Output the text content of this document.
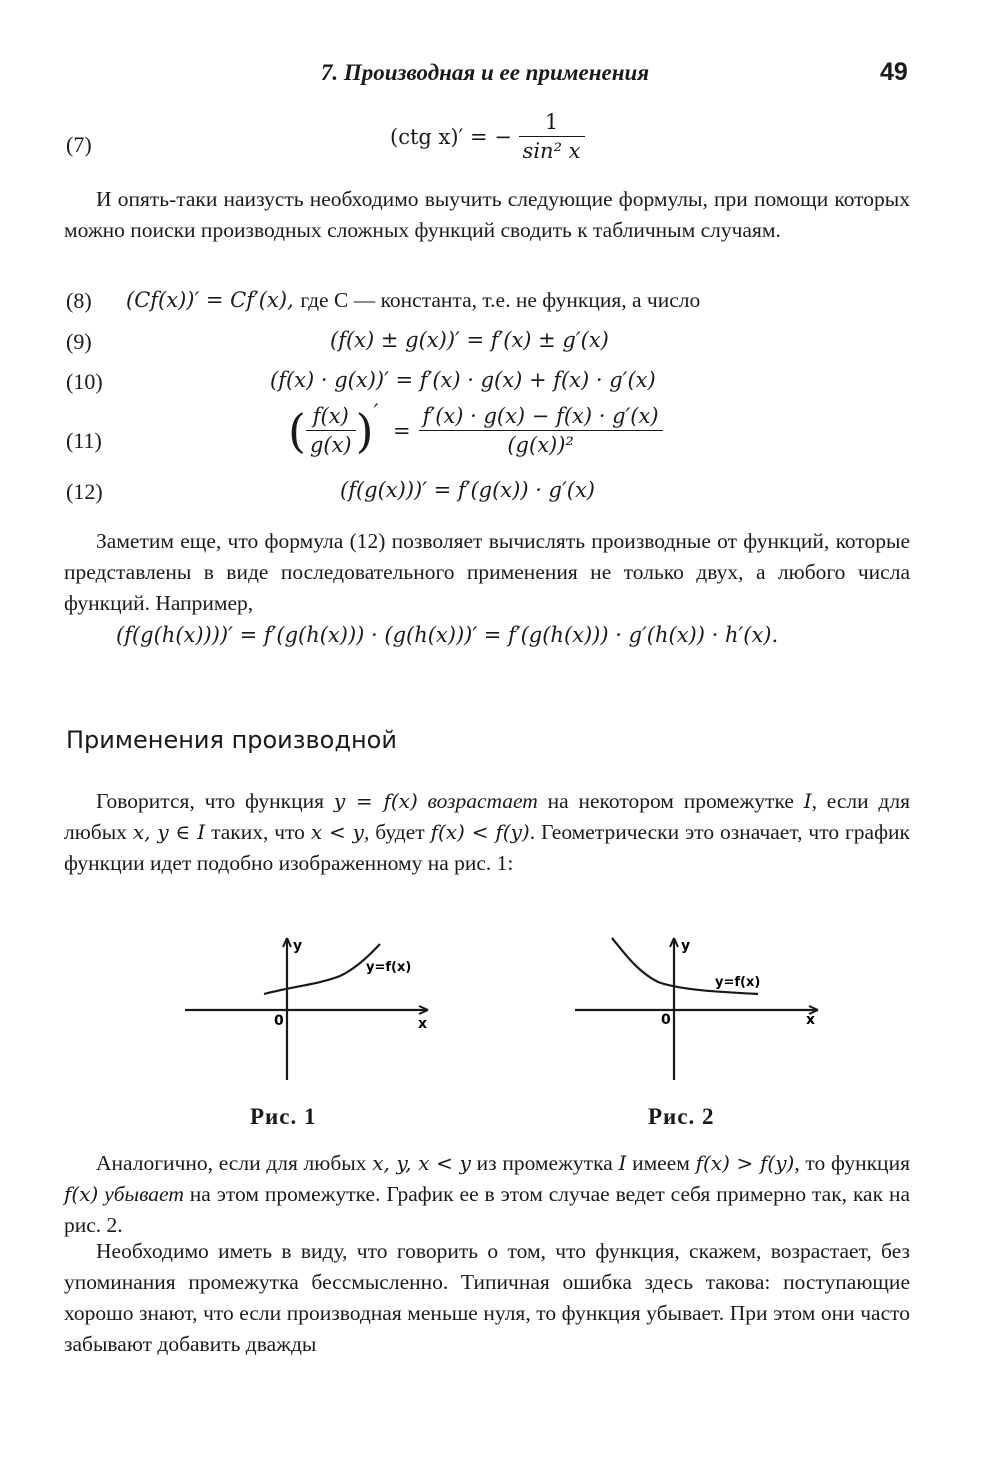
7. Производная и ее применения	49
(7)	(ctg x)′ = − $\frac{1}{\text{sin² x}}$

И опять-таки наизусть необходимо выучить следующие формулы, при помощи которых можно поиски производных сложных функций сводить к табличным случаям.

(8) (Cf(x))′ = Cf′(x), где C — константа, т.е. не функция, а число
(9)	(f(x) ± g(x))′ = f′(x) ± g′(x)
(10)	(f(x) · g(x))′ = f′(x) · g(x) + f(x) · g′(x)
(11)	( $\frac{f(x)}{g(x)}$ )′ = $\frac{f'(x) \cdot g(x) - f(x) \cdot g'(x)}{\text{(g(x))²}}$
(12)	(f(g(x)))′ = f′(g(x)) · g′(x)

Заметим еще, что формула (12) позволяет вычислять производные от функций, которые представлены в виде последовательного применения не только двух, а любого числа функций. Например,

(f(g(h(x))))′ = f′(g(h(x))) · (g(h(x)))′ = f′(g(h(x))) · g′(h(x)) · h′(x).
Применения производной

Говорится, что функция y = f(x) возрастает на некотором промежутке I, если для любых x, y ∈ I таких, что x < y, будет f(x) < f(y). Геометрически это означает, что график функции идет подобно изображенному на рис. 1:

y
x
0
y=f(x)
Рис. 1
y
x
0
y=f(x)
Рис. 2

Аналогично, если для любых x, y, x < y из промежутка I имеем f(x) > f(y), то функция f(x) убывает на этом промежутке. График ее в этом случае ведет себя примерно так, как на рис. 2.

Необходимо иметь в виду, что говорить о том, что функция, скажем, возрастает, без упоминания промежутка бессмысленно. Типичная ошибка здесь такова: поступающие хорошо знают, что если производная меньше нуля, то функция убывает. При этом они часто забывают добавить дважды
